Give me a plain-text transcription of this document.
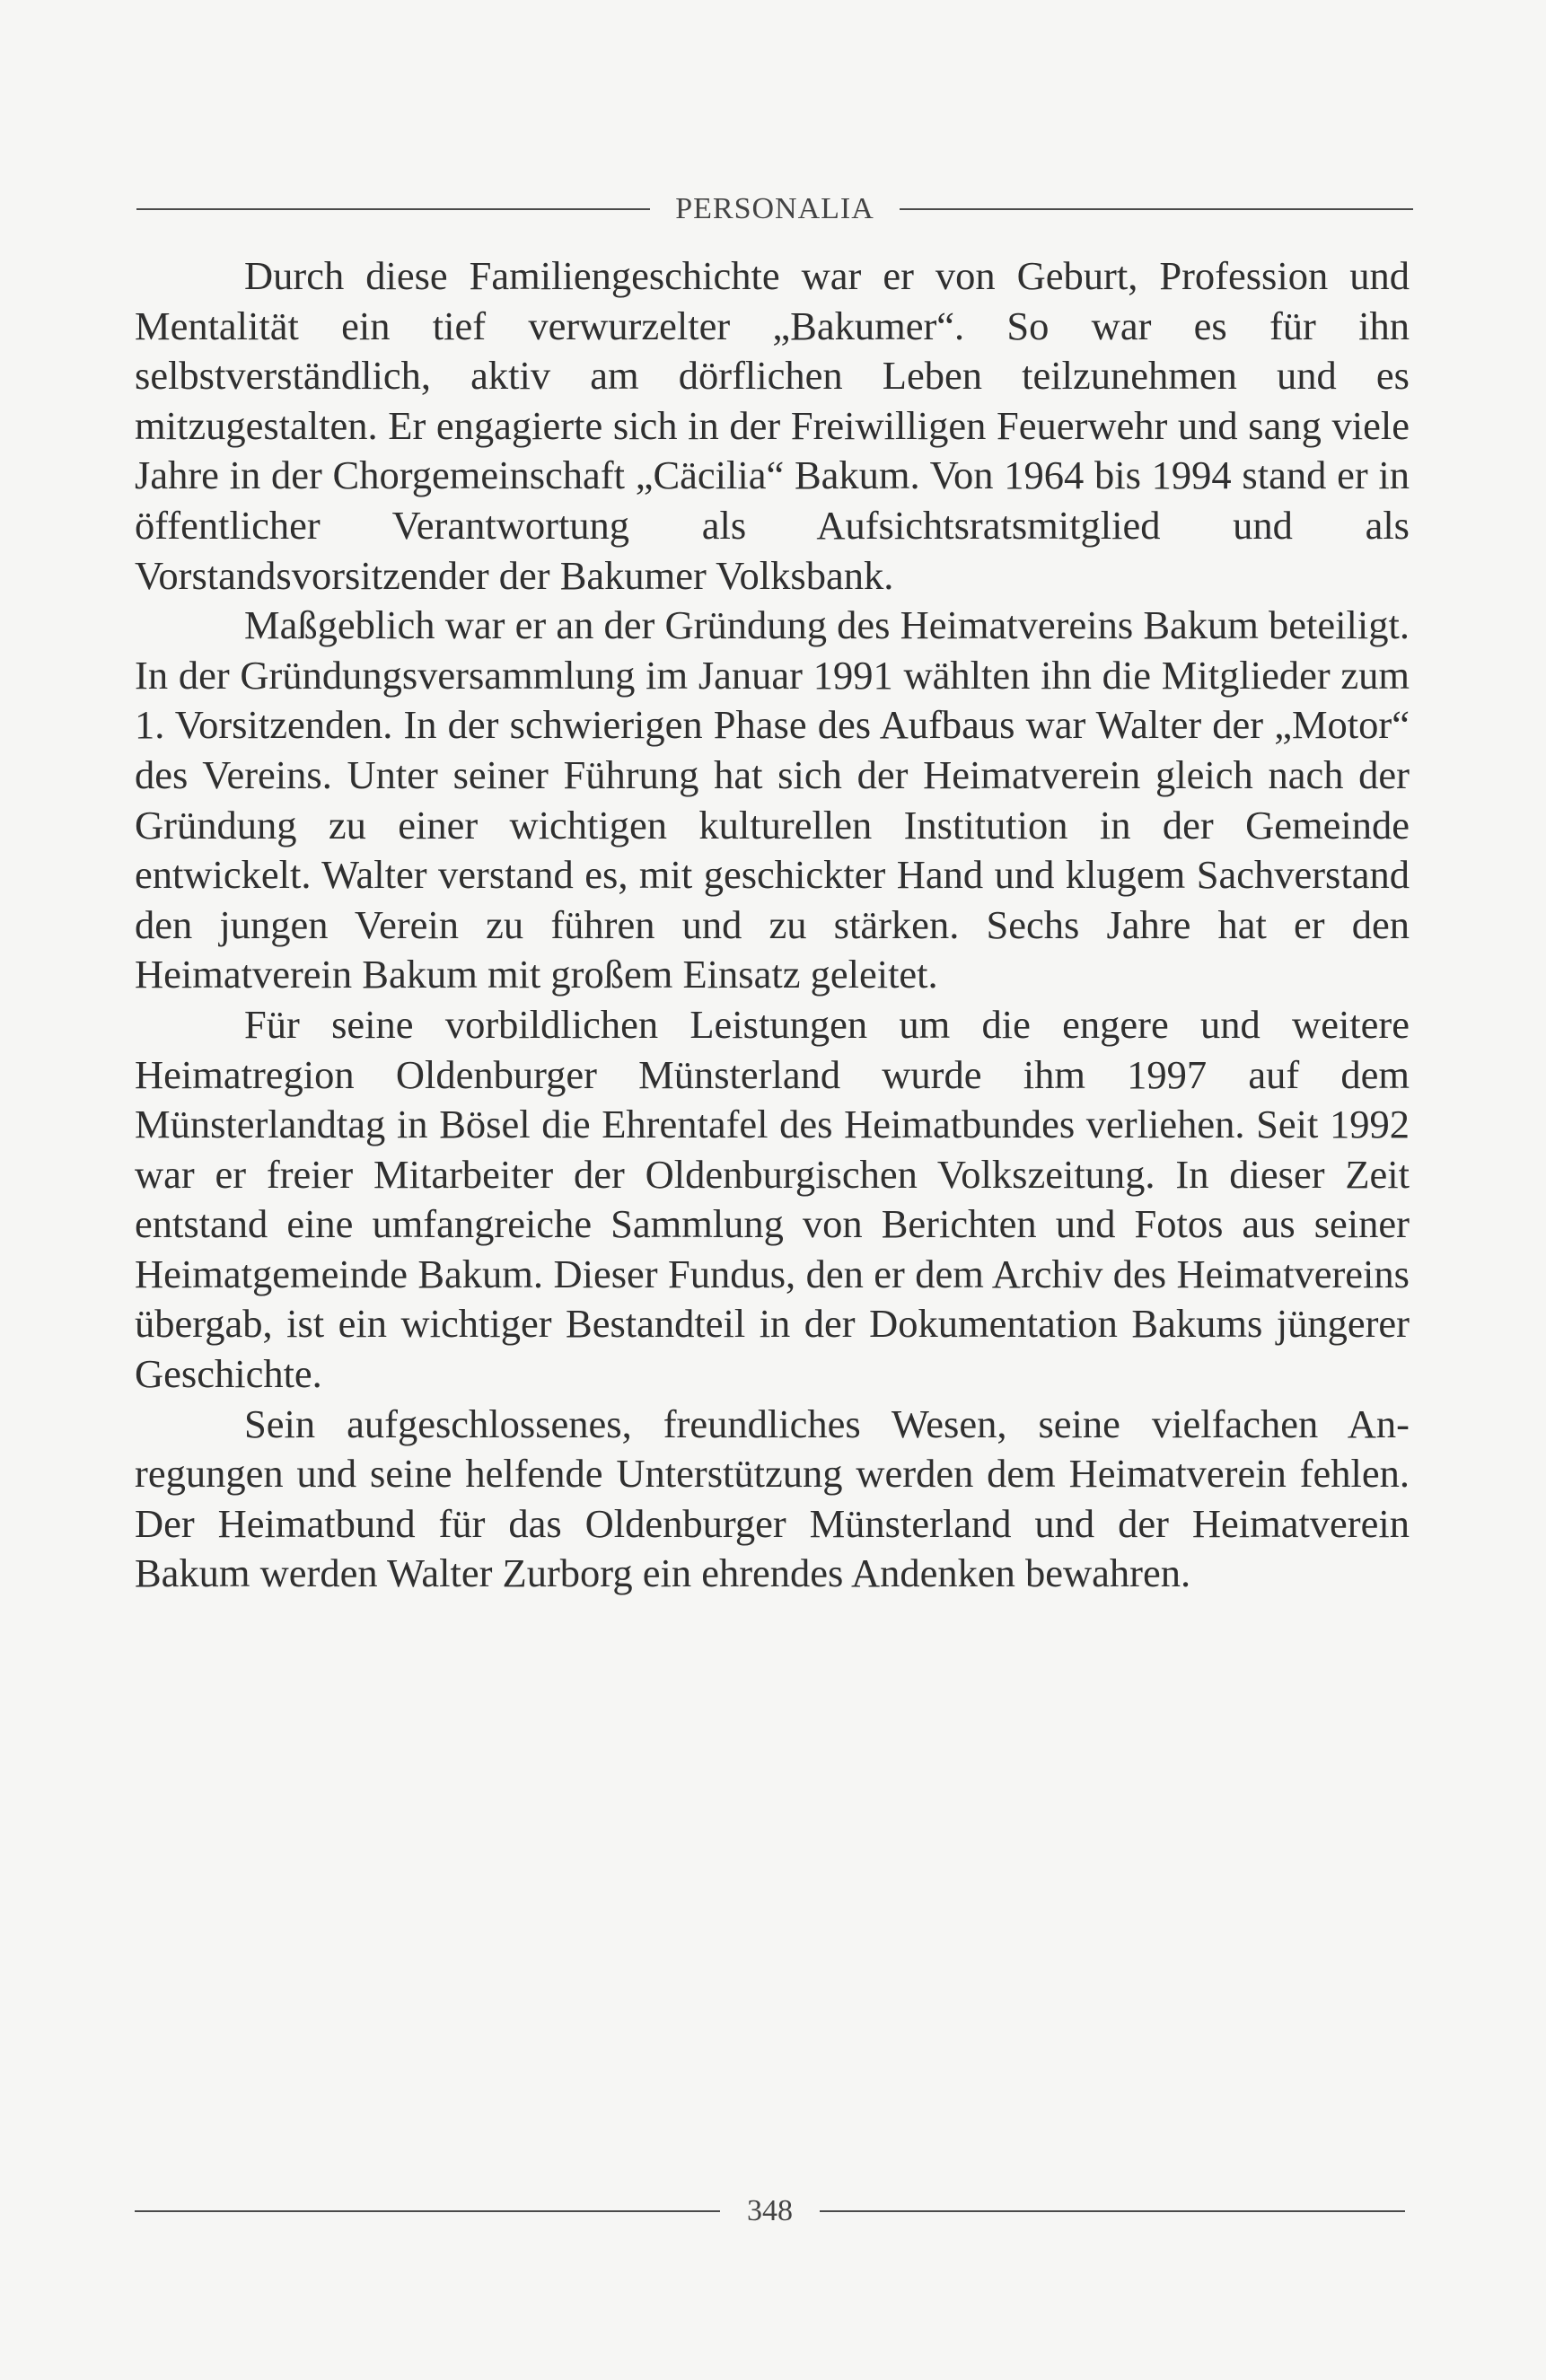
PERSONALIA

Durch diese Familiengeschichte war er von Geburt, Profession und Mentalität ein tief verwurzelter „Bakumer“. So war es für ihn selbstverständlich, aktiv am dörflichen Leben teilzunehmen und es mitzugestalten. Er engagierte sich in der Freiwilligen Feuerwehr und sang viele Jahre in der Chorgemeinschaft „Cäcilia“ Bakum. Von 1964 bis 1994 stand er in öffentlicher Verantwortung als Aufsichtsratsmitglied und als Vorstandsvorsitzender der Bakumer Volksbank.

Maßgeblich war er an der Gründung des Heimatvereins Bakum beteiligt. In der Gründungsversammlung im Januar 1991 wählten ihn die Mitglieder zum 1. Vorsitzenden. In der schwierigen Phase des Aufbaus war Walter der „Motor“ des Vereins. Unter seiner Führung hat sich der Heimatverein gleich nach der Gründung zu einer wichtigen kulturellen Institution in der Gemeinde entwickelt. Walter verstand es, mit geschickter Hand und klugem Sachverstand den jungen Verein zu führen und zu stärken. Sechs Jahre hat er den Heimatverein Bakum mit großem Einsatz geleitet.

Für seine vorbildlichen Leistungen um die engere und weitere Heimatregion Oldenburger Münsterland wurde ihm 1997 auf dem Münsterlandtag in Bösel die Ehrentafel des Heimatbundes verliehen. Seit 1992 war er freier Mitarbeiter der Oldenburgischen Volkszeitung. In dieser Zeit entstand eine umfangreiche Sammlung von Berichten und Fotos aus seiner Heimatgemeinde Bakum. Dieser Fundus, den er dem Archiv des Heimatvereins übergab, ist ein wichtiger Bestandteil in der Dokumentation Bakums jüngerer Geschichte.

Sein aufgeschlossenes, freundliches Wesen, seine vielfachen Anregungen und seine helfende Unterstützung werden dem Heimatverein fehlen. Der Heimatbund für das Oldenburger Münsterland und der Heimatverein Bakum werden Walter Zurborg ein ehrendes Andenken bewahren.

348
